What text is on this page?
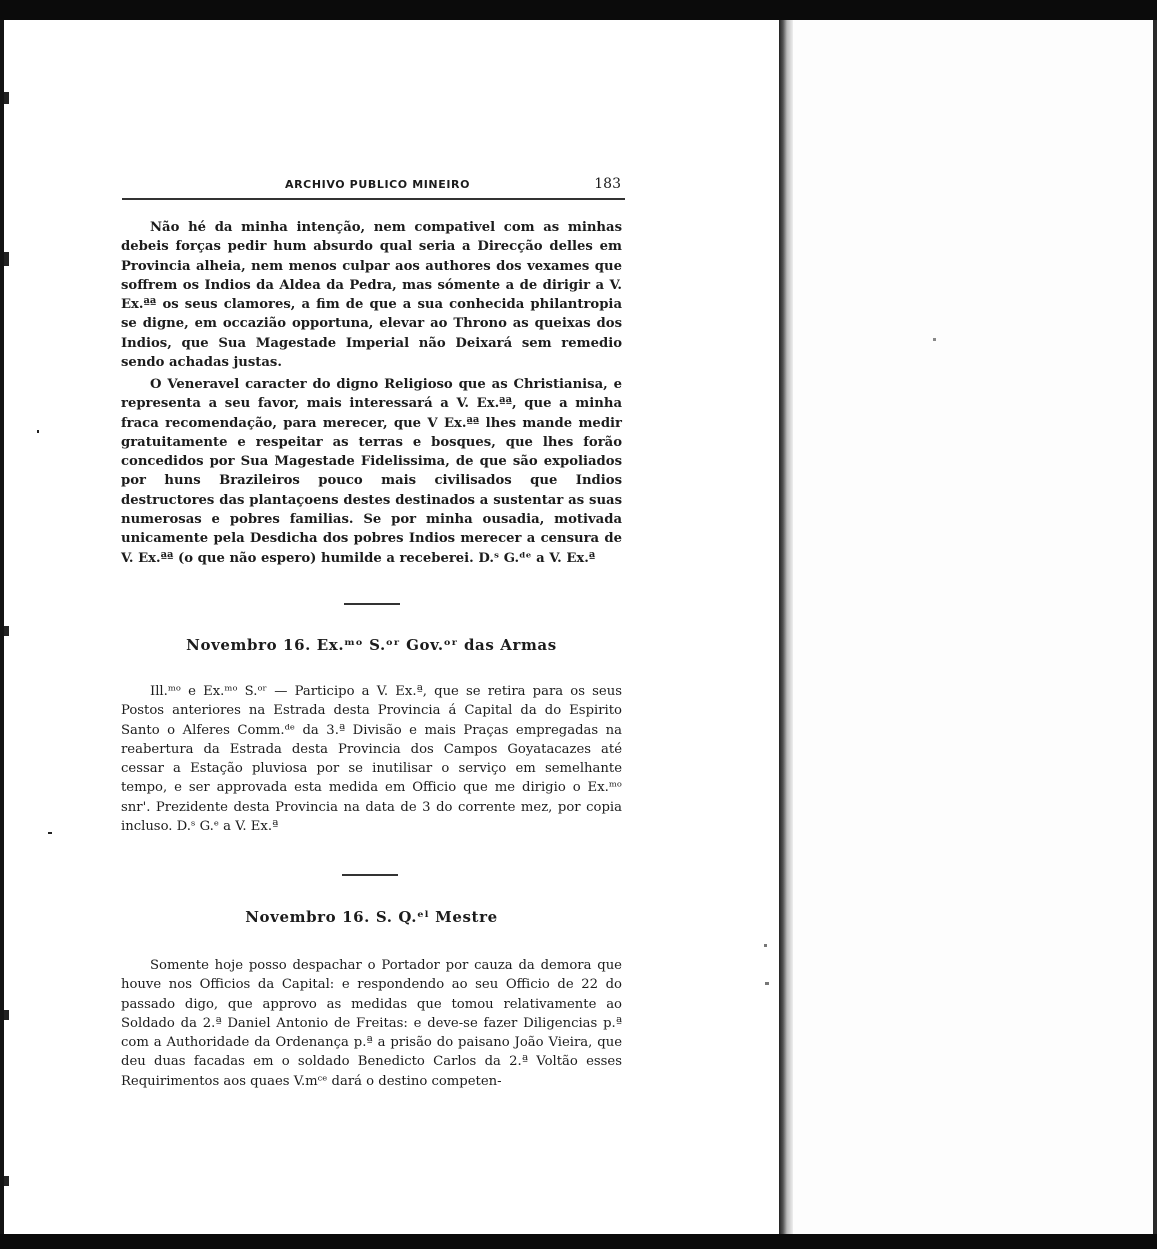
ARCHIVO PUBLICO MINEIRO	183

Não hé da minha intenção, nem compativel com as minhas debeis forças pedir hum absurdo qual seria a Direcção delles em Provincia alheia, nem menos culpar aos authores dos vexames que soffrem os Indios da Aldea da Pedra, mas sómente a de dirigir a V. Ex.ªª os seus clamores, a fim de que a sua conhecida philantropia se digne, em occazião opportuna, elevar ao Throno as queixas dos Indios, que Sua Magestade Imperial não Deixará sem remedio sendo achadas justas.

O Veneravel caracter do digno Religioso que as Christianisa, e representa a seu favor, mais interessará a V. Ex.ªª, que a minha fraca recomendação, para merecer, que V Ex.ªª lhes mande medir gratuitamente e respeitar as terras e bosques, que lhes forão concedidos por Sua Magestade Fidelissima, de que são expoliados por huns Brazileiros pouco mais civilisados que Indios destructores das plantaçoens destes destinados a sustentar as suas numerosas e pobres familias. Se por minha ousadia, motivada unicamente pela Desdicha dos pobres Indios merecer a censura de V. Ex.ªª (o que não espero) humilde a receberei. D.ˢ G.ᵈᵉ a V. Ex.ª

Novembro 16. Ex.ᵐᵒ S.ᵒʳ Gov.ᵒʳ das Armas

Ill.ᵐᵒ e Ex.ᵐᵒ S.ᵒʳ — Participo a V. Ex.ª, que se retira para os seus Postos anteriores na Estrada desta Provincia á Capital da do Espirito Santo o Alferes Comm.ᵈᵉ da 3.ª Divisão e mais Praças empregadas na reabertura da Estrada desta Provincia dos Campos Goyatacazes até cessar a Estação pluviosa por se inutilisar o serviço em semelhante tempo, e ser approvada esta medida em Officio que me dirigio o Ex.ᵐᵒ snr'. Prezidente desta Provincia na data de 3 do corrente mez, por copia incluso. D.ˢ G.ᵉ a V. Ex.ª

Novembro 16. S. Q.ᵉˡ Mestre

Somente hoje posso despachar o Portador por cauza da demora que houve nos Officios da Capital: e respondendo ao seu Officio de 22 do passado digo, que approvo as medidas que tomou relativamente ao Soldado da 2.ª Daniel Antonio de Freitas: e deve-se fazer Diligencias p.ª com a Authoridade da Ordenança p.ª a prisão do paisano João Vieira, que deu duas facadas em o soldado Benedicto Carlos da 2.ª Voltão esses Requirimentos aos quaes V.mᶜᵉ dará o destino competen-
